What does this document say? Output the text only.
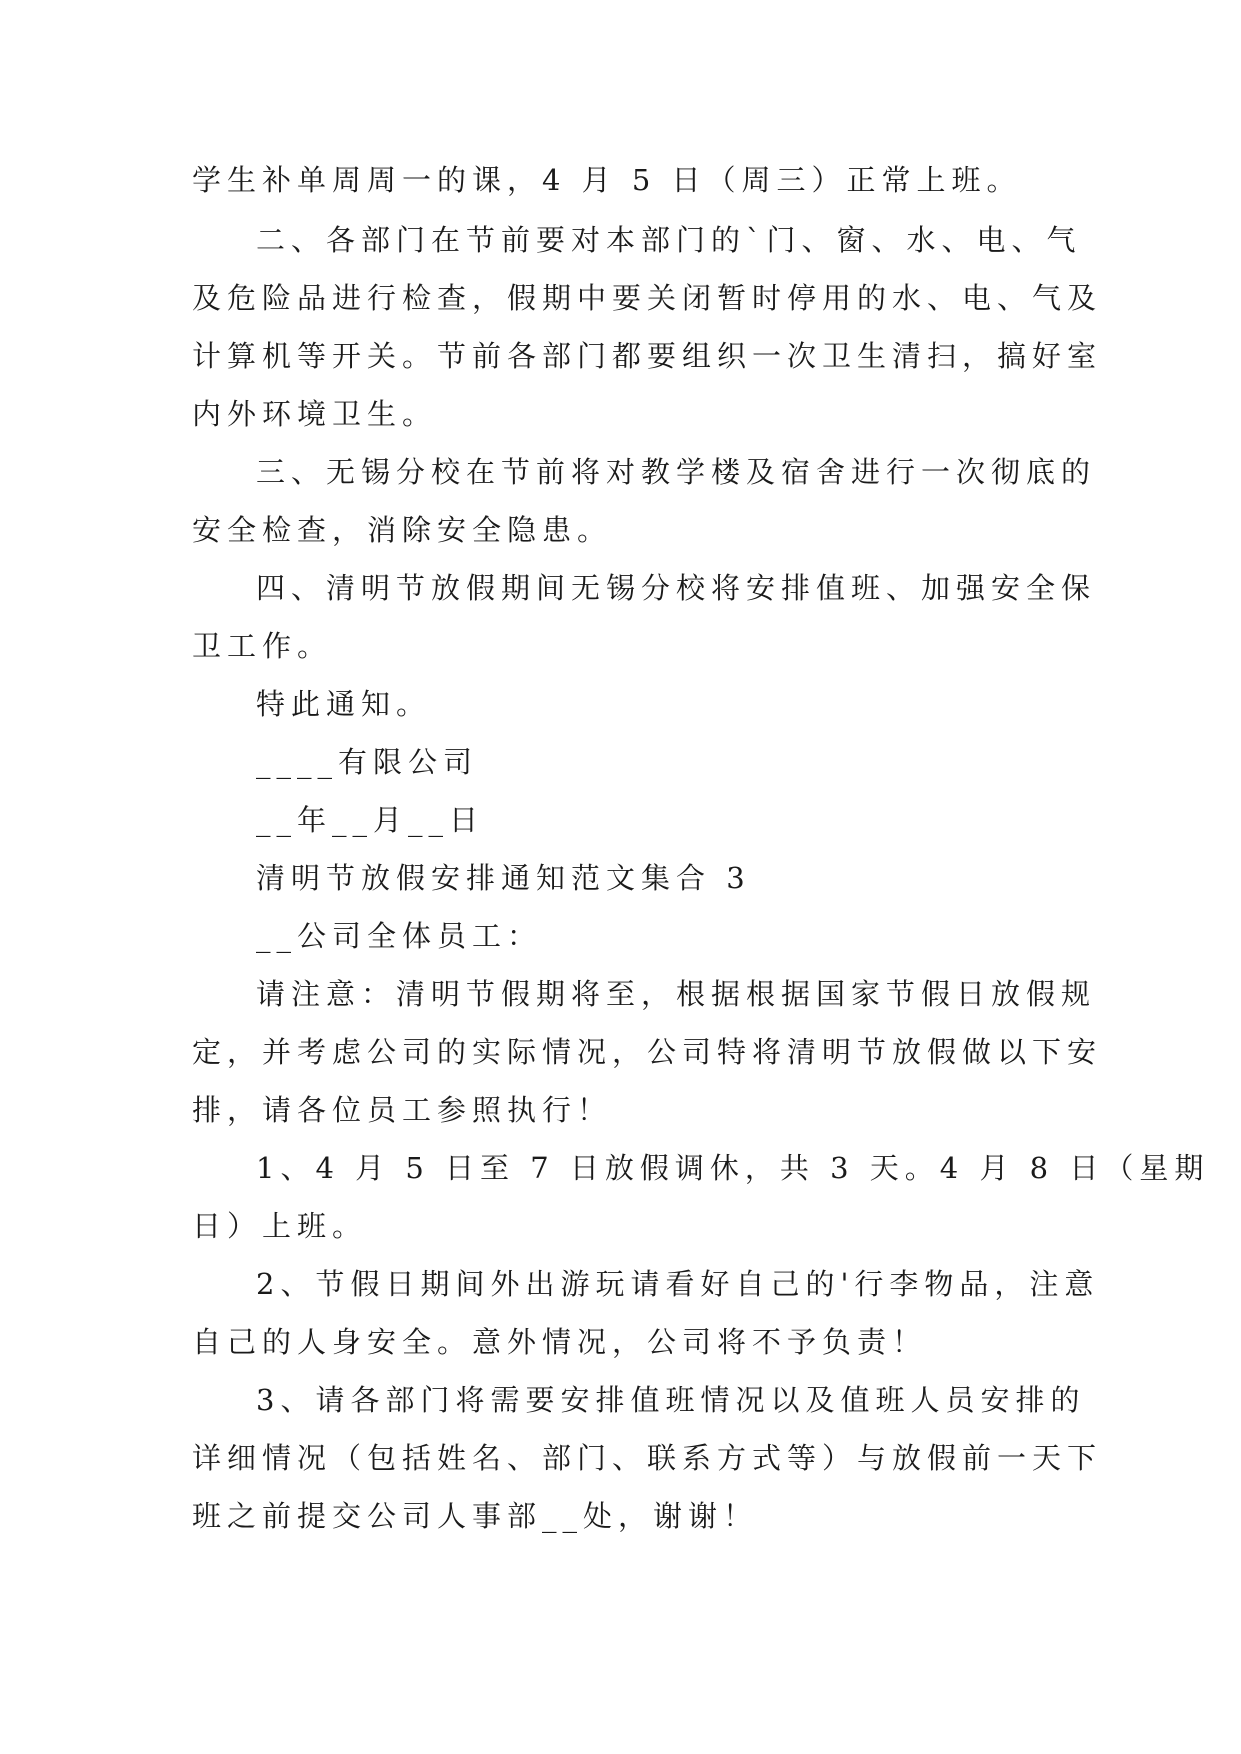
学生补单周周一的课，4 月 5 日（周三）正常上班。
二、各部门在节前要对本部门的`门、窗、水、电、气
及危险品进行检查，假期中要关闭暂时停用的水、电、气及
计算机等开关。节前各部门都要组织一次卫生清扫，搞好室
内外环境卫生。
三、无锡分校在节前将对教学楼及宿舍进行一次彻底的
安全检查，消除安全隐患。
四、清明节放假期间无锡分校将安排值班、加强安全保
卫工作。
特此通知。
____有限公司
__年__月__日
清明节放假安排通知范文集合 3
__公司全体员工：
请注意：清明节假期将至，根据根据国家节假日放假规
定，并考虑公司的实际情况，公司特将清明节放假做以下安
排，请各位员工参照执行！
1、4 月 5 日至 7 日放假调休，共 3 天。4 月 8 日（星期
日）上班。
2、节假日期间外出游玩请看好自己的'行李物品，注意
自己的人身安全。意外情况，公司将不予负责！
3、请各部门将需要安排值班情况以及值班人员安排的
详细情况（包括姓名、部门、联系方式等）与放假前一天下
班之前提交公司人事部__处，谢谢！
